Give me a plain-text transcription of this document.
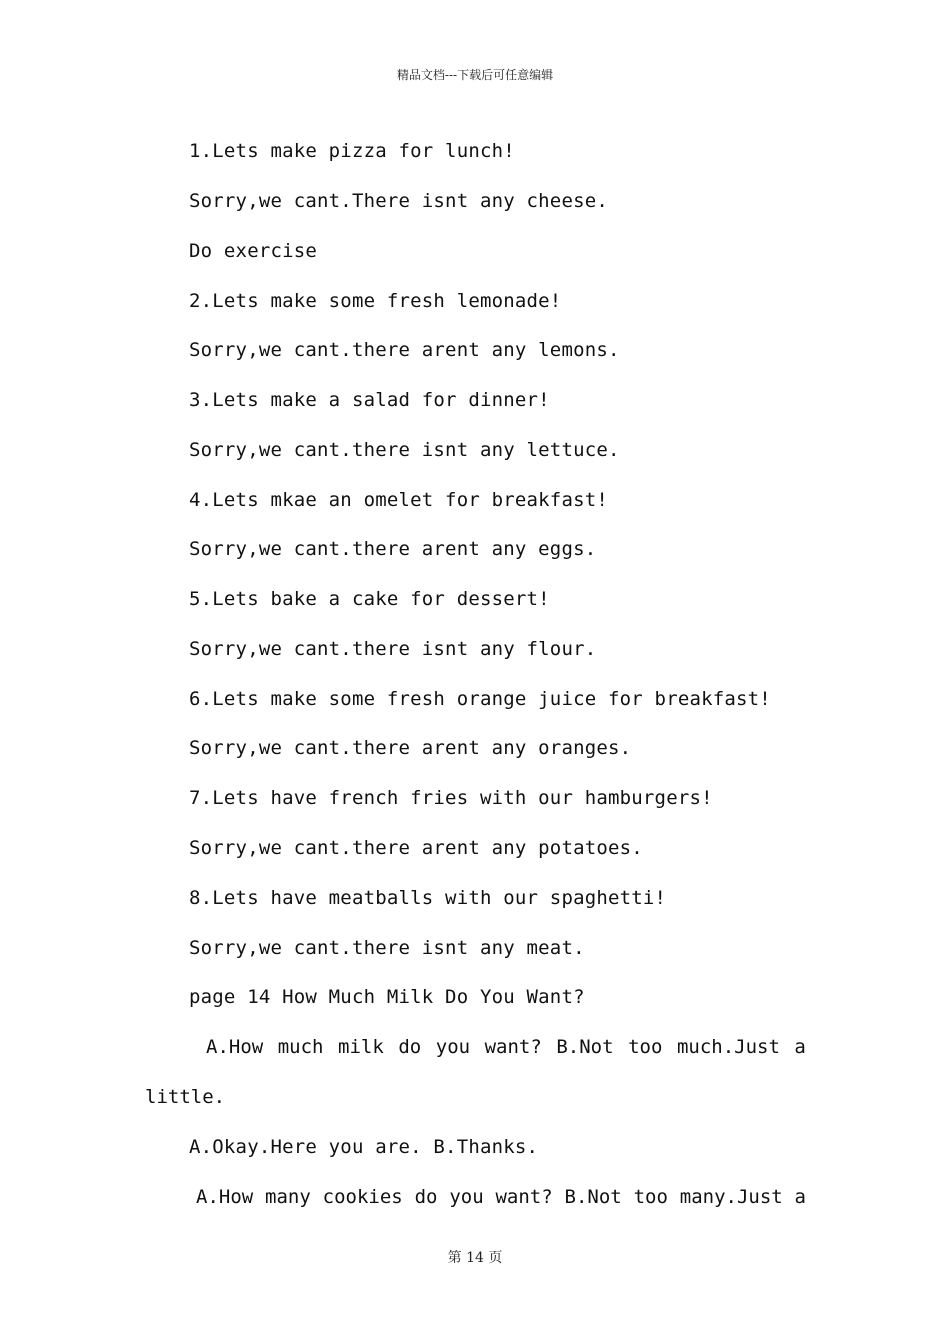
精品文档---下载后可任意编辑
1.Lets make pizza for lunch!
Sorry,we cant.There isnt any cheese.
Do exercise
2.Lets make some fresh lemonade!
Sorry,we cant.there arent any lemons.
3.Lets make a salad for dinner!
Sorry,we cant.there isnt any lettuce.
4.Lets mkae an omelet for breakfast!
Sorry,we cant.there arent any eggs.
5.Lets bake a cake for dessert!
Sorry,we cant.there isnt any flour.
6.Lets make some fresh orange juice for breakfast!
Sorry,we cant.there arent any oranges.
7.Lets have french fries with our hamburgers!
Sorry,we cant.there arent any potatoes.
8.Lets have meatballs with our spaghetti!
Sorry,we cant.there isnt any meat.
page 14 How Much Milk Do You Want?
A.How much milk do you want? B.Not too much.Just a
little.
A.Okay.Here you are. B.Thanks.
A.How many cookies do you want? B.Not too many.Just a
第 14 页
